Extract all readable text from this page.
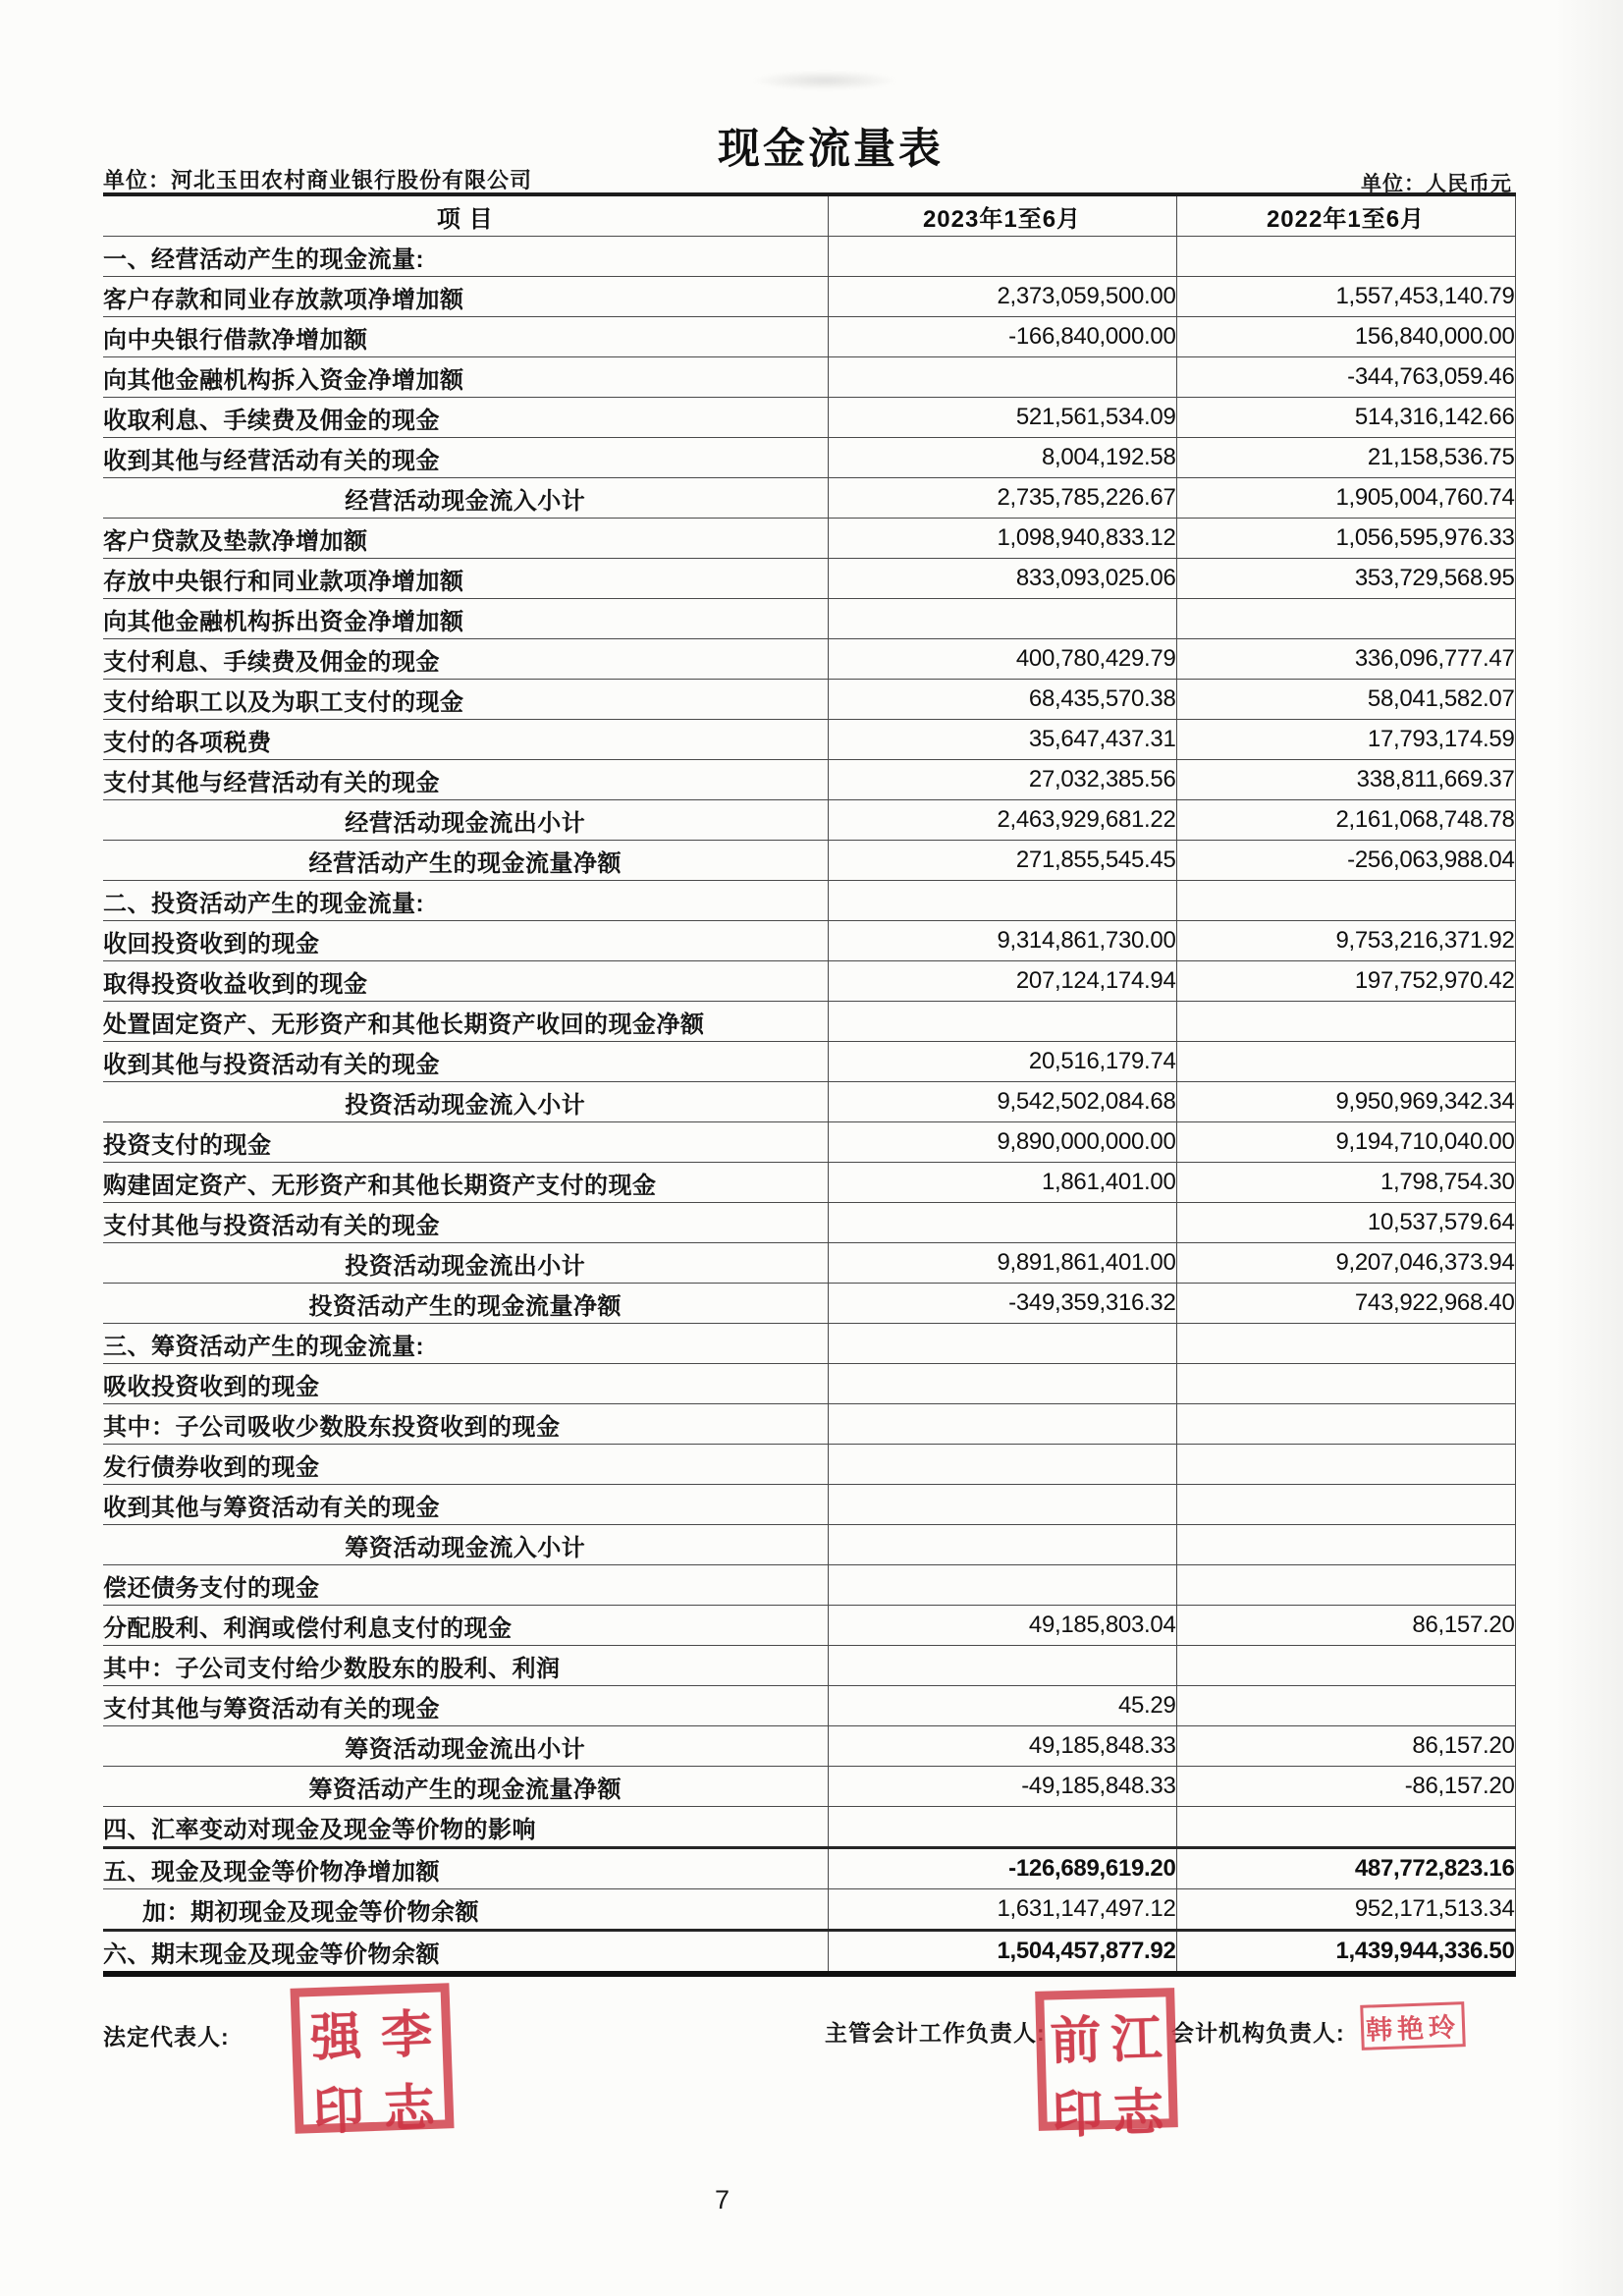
现金流量表
单位：河北玉田农村商业银行股份有限公司	单位：人民币元
项 目	2023年1至6月	2022年1至6月
一、经营活动产生的现金流量:		
客户存款和同业存放款项净增加额	2,373,059,500.00	1,557,453,140.79
向中央银行借款净增加额	-166,840,000.00	156,840,000.00
向其他金融机构拆入资金净增加额		-344,763,059.46
收取利息、手续费及佣金的现金	521,561,534.09	514,316,142.66
收到其他与经营活动有关的现金	8,004,192.58	21,158,536.75
经营活动现金流入小计	2,735,785,226.67	1,905,004,760.74
客户贷款及垫款净增加额	1,098,940,833.12	1,056,595,976.33
存放中央银行和同业款项净增加额	833,093,025.06	353,729,568.95
向其他金融机构拆出资金净增加额		
支付利息、手续费及佣金的现金	400,780,429.79	336,096,777.47
支付给职工以及为职工支付的现金	68,435,570.38	58,041,582.07
支付的各项税费	35,647,437.31	17,793,174.59
支付其他与经营活动有关的现金	27,032,385.56	338,811,669.37
经营活动现金流出小计	2,463,929,681.22	2,161,068,748.78
经营活动产生的现金流量净额	271,855,545.45	-256,063,988.04
二、投资活动产生的现金流量:		
收回投资收到的现金	9,314,861,730.00	9,753,216,371.92
取得投资收益收到的现金	207,124,174.94	197,752,970.42
处置固定资产、无形资产和其他长期资产收回的现金净额		
收到其他与投资活动有关的现金	20,516,179.74	
投资活动现金流入小计	9,542,502,084.68	9,950,969,342.34
投资支付的现金	9,890,000,000.00	9,194,710,040.00
购建固定资产、无形资产和其他长期资产支付的现金	1,861,401.00	1,798,754.30
支付其他与投资活动有关的现金		10,537,579.64
投资活动现金流出小计	9,891,861,401.00	9,207,046,373.94
投资活动产生的现金流量净额	-349,359,316.32	743,922,968.40
三、筹资活动产生的现金流量:		
吸收投资收到的现金		
其中：子公司吸收少数股东投资收到的现金		
发行债券收到的现金		
收到其他与筹资活动有关的现金		
筹资活动现金流入小计		
偿还债务支付的现金		
分配股利、利润或偿付利息支付的现金	49,185,803.04	86,157.20
其中：子公司支付给少数股东的股利、利润		
支付其他与筹资活动有关的现金	45.29	
筹资活动现金流出小计	49,185,848.33	86,157.20
筹资活动产生的现金流量净额	-49,185,848.33	-86,157.20
四、汇率变动对现金及现金等价物的影响		
五、现金及现金等价物净增加额	-126,689,619.20	487,772,823.16
加：期初现金及现金等价物余额	1,631,147,497.12	952,171,513.34
六、期末现金及现金等价物余额	1,504,457,877.92	1,439,944,336.50
法定代表人:	主管会计工作负责人:	会计机构负责人:
强 李
印 志
前 江
印 志
韩艳玲
7
